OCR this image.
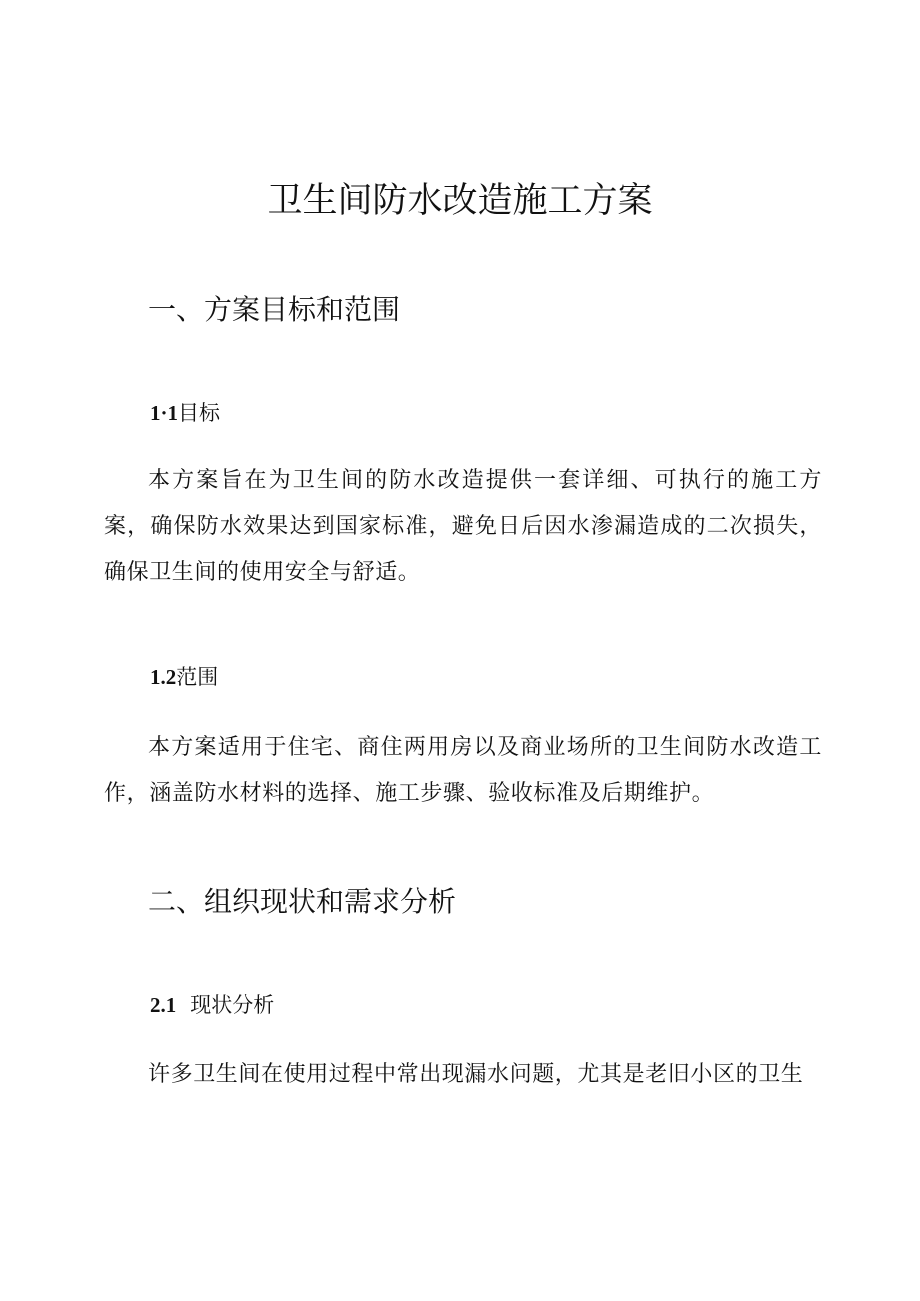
卫生间防水改造施工方案
一、方案目标和范围
1·1目标

本方案旨在为卫生间的防水改造提供一套详细、可执行的施工方案，确保防水效果达到国家标准，避免日后因水渗漏造成的二次损失，确保卫生间的使用安全与舒适。

1.2范围

本方案适用于住宅、商住两用房以及商业场所的卫生间防水改造工作，涵盖防水材料的选择、施工步骤、验收标准及后期维护。

二、组织现状和需求分析
2.1 现状分析

许多卫生间在使用过程中常出现漏水问题，尤其是老旧小区的卫生
